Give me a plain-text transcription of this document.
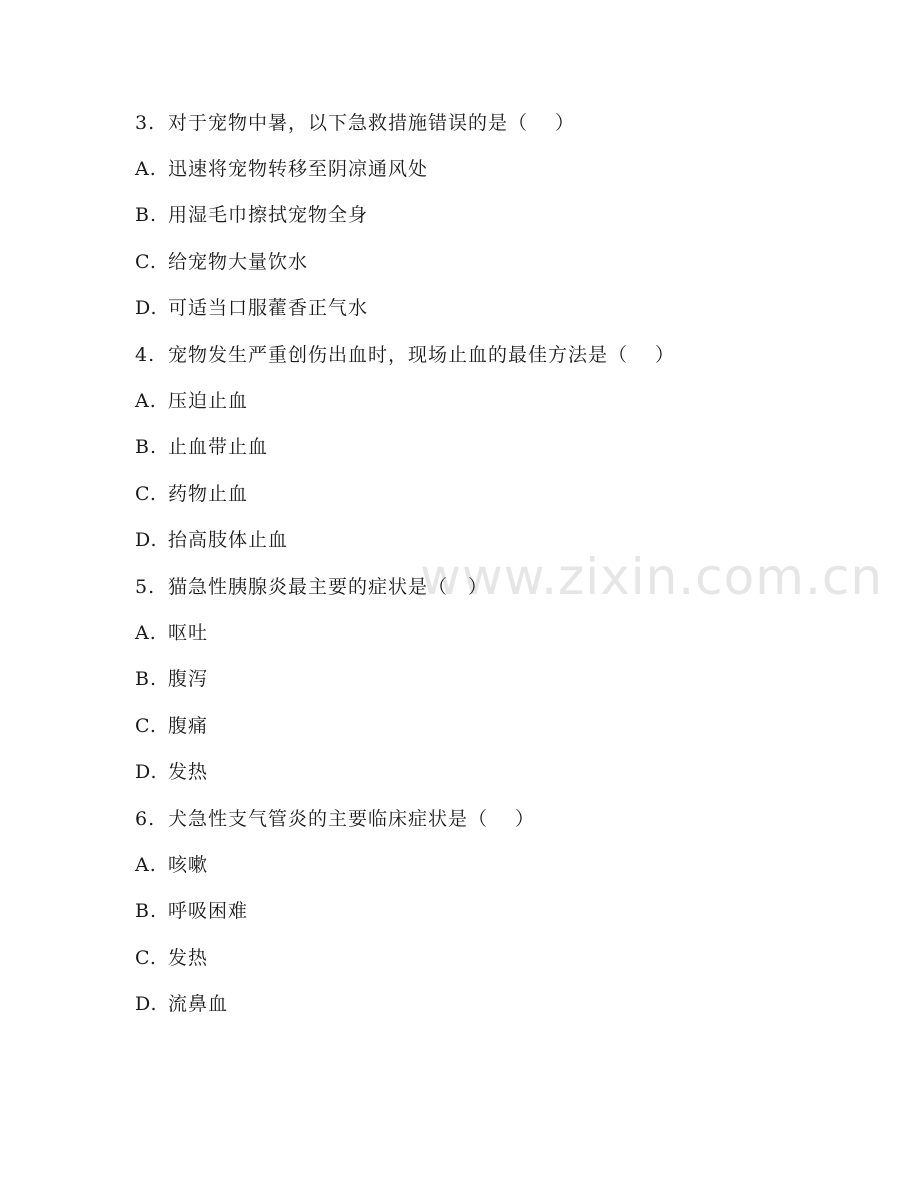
www.zixin.com.cn
3. 对于宠物中暑，以下急救措施错误的是（　 ）
A. 迅速将宠物转移至阴凉通风处
B. 用湿毛巾擦拭宠物全身
C. 给宠物大量饮水
D. 可适当口服藿香正气水
4. 宠物发生严重创伤出血时，现场止血的最佳方法是（　 ）
A. 压迫止血
B. 止血带止血
C. 药物止血
D. 抬高肢体止血
5. 猫急性胰腺炎最主要的症状是（　）
A. 呕吐
B. 腹泻
C. 腹痛
D. 发热
6. 犬急性支气管炎的主要临床症状是（　 ）
A. 咳嗽
B. 呼吸困难
C. 发热
D. 流鼻血
